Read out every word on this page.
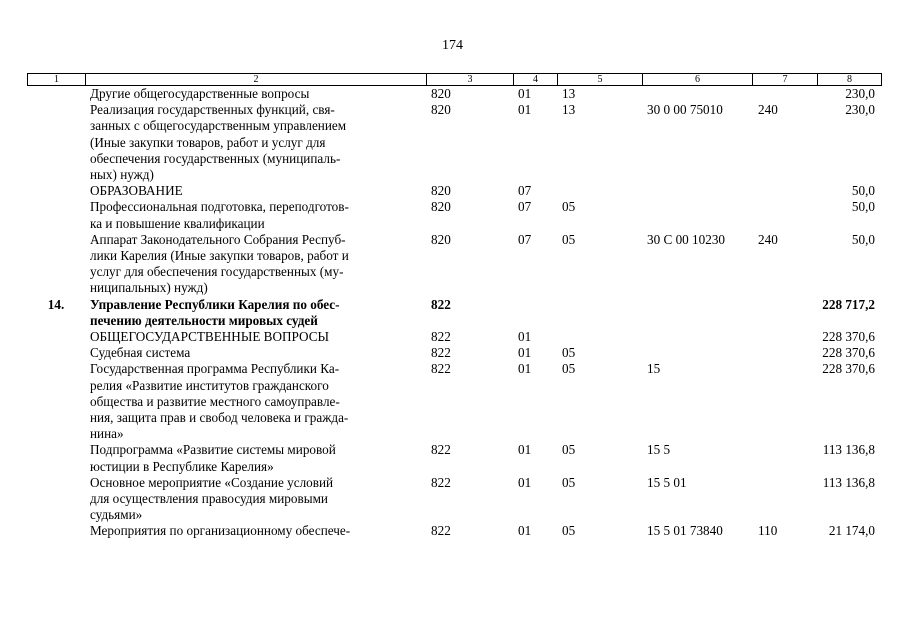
174
1	2	3	4	5	6	7	8

	Другие общегосударственные вопросы	820	01	13			230,0

	Реализация государственных функций, свя-
занных с общегосударственным управлением
(Иные закупки товаров, работ и услуг для
обеспечения государственных (муниципаль-
ных) нужд)	820	01	13	30 0 00 75010	240	230,0

	ОБРАЗОВАНИЕ	820	07				50,0

	Профессиональная подготовка, переподготов-
ка и повышение квалификации	820	07	05			50,0

	Аппарат Законодательного Собрания Респуб-
лики Карелия (Иные закупки товаров, работ и
услуг для обеспечения государственных (му-
ниципальных) нужд)	820	07	05	30 С 00 10230	240	50,0
14.	Управление Республики Карелия по обес-
печению деятельности мировых судей	822					228 717,2

	ОБЩЕГОСУДАРСТВЕННЫЕ ВОПРОСЫ	822	01				228 370,6

	Судебная система	822	01	05			228 370,6

	Государственная программа Республики Ка-
релия «Развитие институтов гражданского
общества и развитие местного самоуправле-
ния, защита прав и свобод человека и гражда-
нина»	822	01	05	15		228 370,6

	Подпрограмма «Развитие системы мировой
юстиции в Республике Карелия»	822	01	05	15 5		113 136,8

	Основное мероприятие «Создание условий
для осуществления правосудия мировыми
судьями»	822	01	05	15 5 01		113 136,8

	Мероприятия по организационному обеспече-	822	01	05	15 5 01 73840	110	21 174,0
